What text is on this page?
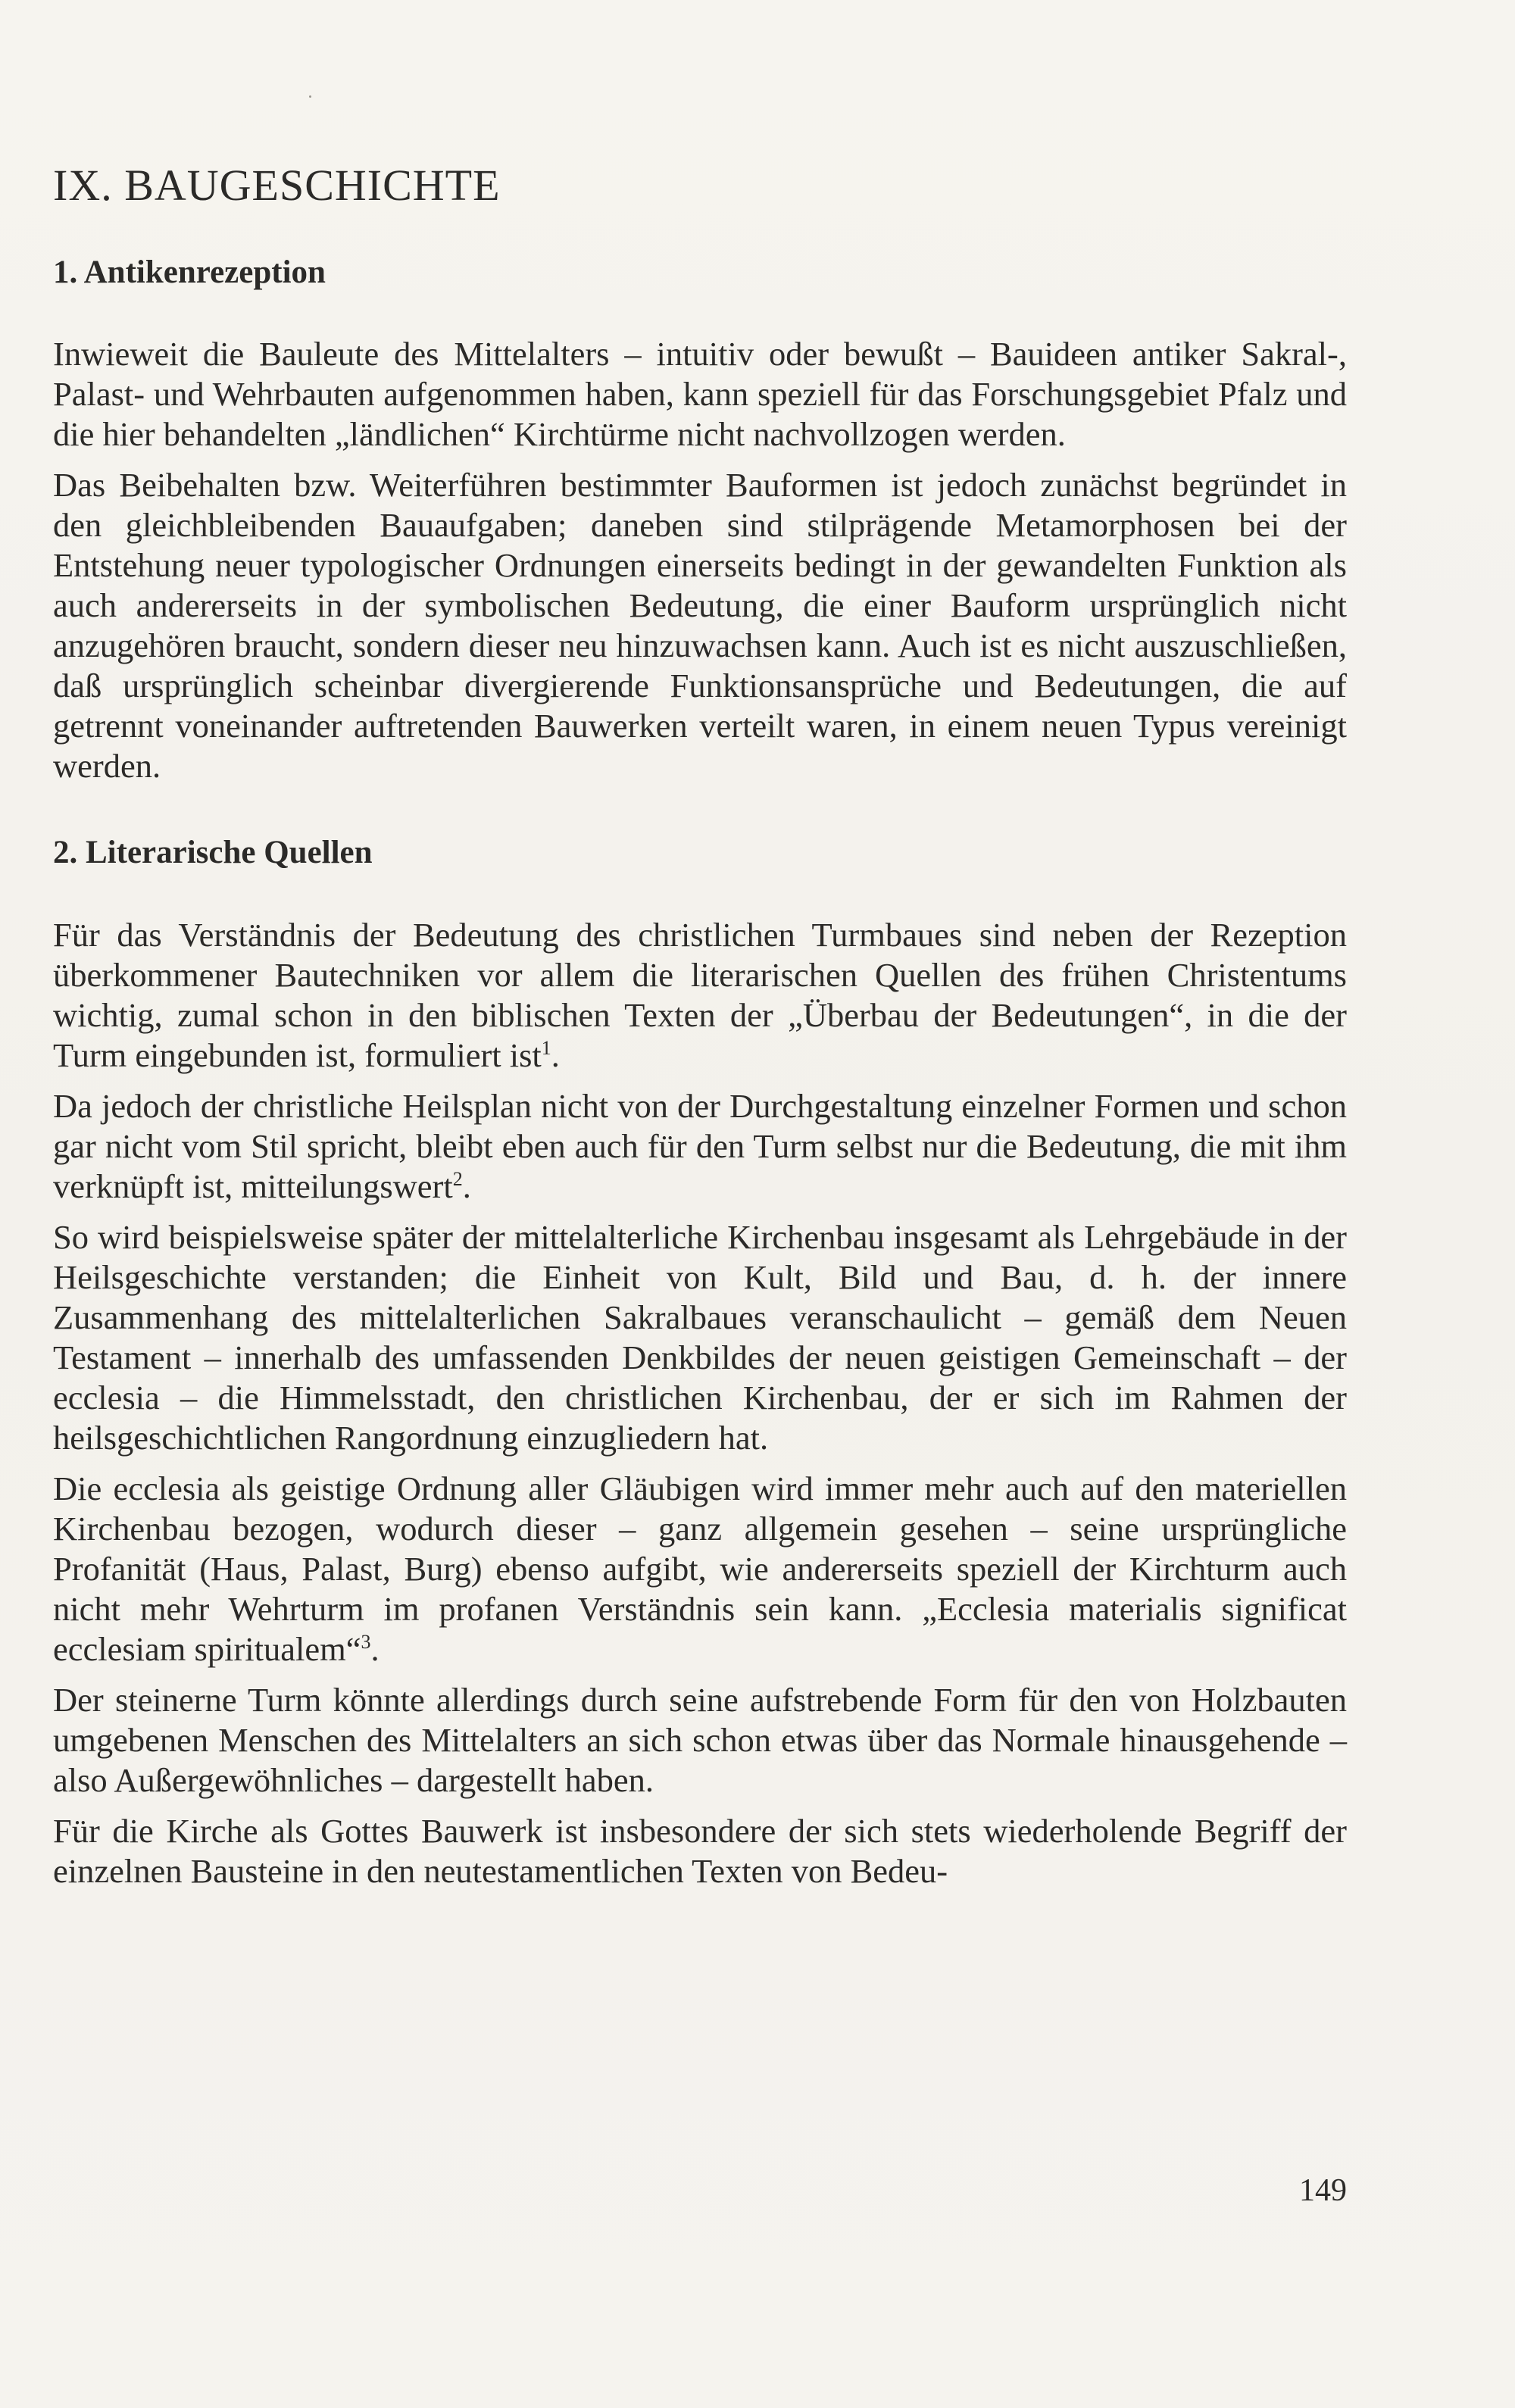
IX. BAUGESCHICHTE
1. Antikenrezeption

Inwieweit die Bauleute des Mittelalters – intuitiv oder bewußt – Bauideen antiker Sakral-, Palast- und Wehrbauten aufgenommen haben, kann speziell für das Forschungsgebiet Pfalz und die hier behandelten „ländlichen“ Kirchtürme nicht nachvollzogen werden.

Das Beibehalten bzw. Weiterführen bestimmter Bauformen ist jedoch zunächst begründet in den gleichbleibenden Bauaufgaben; daneben sind stilprägende Metamorphosen bei der Entstehung neuer typologischer Ordnungen einerseits bedingt in der gewandelten Funktion als auch andererseits in der symbolischen Bedeutung, die einer Bauform ursprünglich nicht anzugehören braucht, sondern dieser neu hinzuwachsen kann. Auch ist es nicht auszuschließen, daß ursprünglich scheinbar divergierende Funktionsansprüche und Bedeutungen, die auf getrennt voneinander auftretenden Bauwerken verteilt waren, in einem neuen Typus vereinigt werden.

2. Literarische Quellen

Für das Verständnis der Bedeutung des christlichen Turmbaues sind neben der Rezeption überkommener Bautechniken vor allem die literarischen Quellen des frühen Christentums wichtig, zumal schon in den biblischen Texten der „Überbau der Bedeutungen“, in die der Turm eingebunden ist, formuliert ist$^1$.

Da jedoch der christliche Heilsplan nicht von der Durchgestaltung einzelner Formen und schon gar nicht vom Stil spricht, bleibt eben auch für den Turm selbst nur die Bedeutung, die mit ihm verknüpft ist, mitteilungswert$^2$.

So wird beispielsweise später der mittelalterliche Kirchenbau insgesamt als Lehrgebäude in der Heilsgeschichte verstanden; die Einheit von Kult, Bild und Bau, d. h. der innere Zusammenhang des mittelalterlichen Sakralbaues veranschaulicht – gemäß dem Neuen Testament – innerhalb des umfassenden Denkbildes der neuen geistigen Gemeinschaft – der ecclesia – die Himmelsstadt, den christlichen Kirchenbau, der er sich im Rahmen der heilsgeschichtlichen Rangordnung einzugliedern hat.

Die ecclesia als geistige Ordnung aller Gläubigen wird immer mehr auch auf den materiellen Kirchenbau bezogen, wodurch dieser – ganz allgemein gesehen – seine ursprüngliche Profanität (Haus, Palast, Burg) ebenso aufgibt, wie andererseits speziell der Kirchturm auch nicht mehr Wehrturm im profanen Verständnis sein kann. „Ecclesia materialis significat ecclesiam spiritualem“$^3$.

Der steinerne Turm könnte allerdings durch seine aufstrebende Form für den von Holzbauten umgebenen Menschen des Mittelalters an sich schon etwas über das Normale hinausgehende – also Außergewöhnliches – dargestellt haben.

Für die Kirche als Gottes Bauwerk ist insbesondere der sich stets wiederholende Begriff der einzelnen Bausteine in den neutestamentlichen Texten von Bedeu-

149
